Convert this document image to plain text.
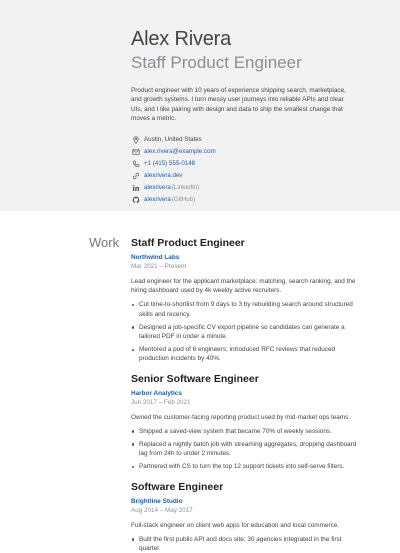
Alex Rivera
Staff Product Engineer

Product engineer with 10 years of experience shipping search, marketplace, and growth systems. I turn messy user journeys into reliable APIs and clear UIs, and I like pairing with design and data to ship the smallest change that moves a metric.

Austin, United States
alex.rivera@example.com
+1 (415) 555-0148
alexrivera.dev
alexrivera (LinkedIn)
alexrivera (GitHub)
Work Staff Product Engineer
Northwind Labs
Mar 2021 – Present

Lead engineer for the applicant marketplace: matching, search ranking, and the hiring dashboard used by 4k weekly active recruiters.

Cut time-to-shortlist from 9 days to 3 by rebuilding search around structured skills and recency.
Designed a job-specific CV export pipeline so candidates can generate a tailored PDF in under a minute.
Mentored a pod of 6 engineers; introduced RFC reviews that reduced production incidents by 40%.
Senior Software Engineer
Harbor Analytics
Jun 2017 – Feb 2021

Owned the customer-facing reporting product used by mid-market ops teams.

Shipped a saved-view system that became 70% of weekly sessions.
Replaced a nightly batch job with streaming aggregates, dropping dashboard lag from 24h to under 2 minutes.
Partnered with CS to turn the top 12 support tickets into self-serve filters.
Software Engineer
Brightline Studio
Aug 2014 – May 2017

Full-stack engineer on client web apps for education and local commerce.

Built the first public API and docs site; 30 agencies integrated in the first quarter.
